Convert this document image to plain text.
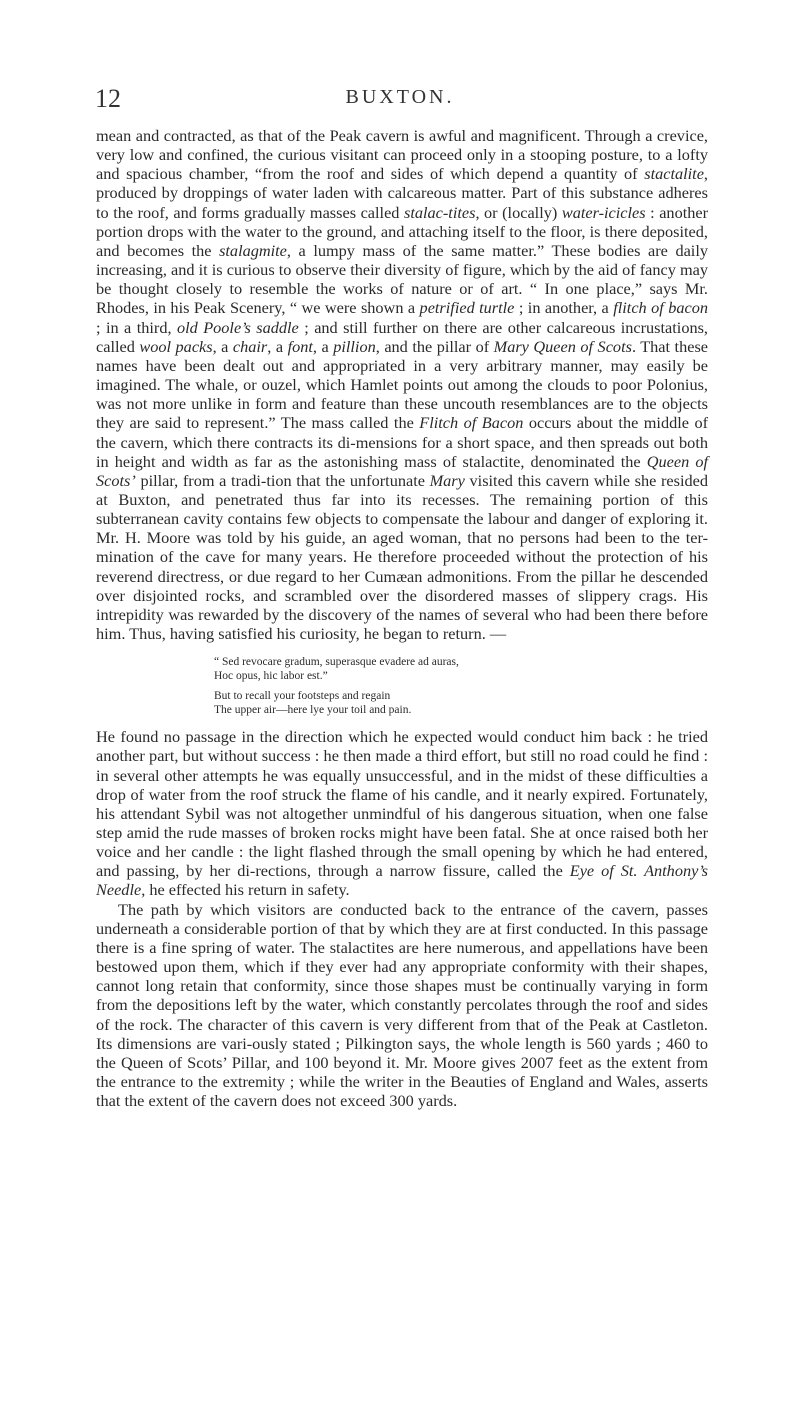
12	BUXTON.

mean and contracted, as that of the Peak cavern is awful and magnificent. Through a crevice, very low and confined, the curious visitant can proceed only in a stooping posture, to a lofty and spacious chamber, “from the roof and sides of which depend a quantity of stactalite, produced by droppings of water laden with calcareous matter. Part of this substance adheres to the roof, and forms gradually masses called stalac-tites, or (locally) water-icicles : another portion drops with the water to the ground, and attaching itself to the floor, is there deposited, and becomes the stalagmite, a lumpy mass of the same matter.” These bodies are daily increasing, and it is curious to observe their diversity of figure, which by the aid of fancy may be thought closely to resemble the works of nature or of art. “ In one place,” says Mr. Rhodes, in his Peak Scenery, “ we were shown a petrified turtle ; in another, a flitch of bacon ; in a third, old Poole’s saddle ; and still further on there are other calcareous incrustations, called wool packs, a chair, a font, a pillion, and the pillar of Mary Queen of Scots. That these names have been dealt out and appropriated in a very arbitrary manner, may easily be imagined. The whale, or ouzel, which Hamlet points out among the clouds to poor Polonius, was not more unlike in form and feature than these uncouth resemblances are to the objects they are said to represent.” The mass called the Flitch of Bacon occurs about the middle of the cavern, which there contracts its di-mensions for a short space, and then spreads out both in height and width as far as the astonishing mass of stalactite, denominated the Queen of Scots’ pillar, from a tradi-tion that the unfortunate Mary visited this cavern while she resided at Buxton, and penetrated thus far into its recesses. The remaining portion of this subterranean cavity contains few objects to compensate the labour and danger of exploring it. Mr. H. Moore was told by his guide, an aged woman, that no persons had been to the ter-mination of the cave for many years. He therefore proceeded without the protection of his reverend directress, or due regard to her Cumæan admonitions. From the pillar he descended over disjointed rocks, and scrambled over the disordered masses of slippery crags. His intrepidity was rewarded by the discovery of the names of several who had been there before him. Thus, having satisfied his curiosity, he began to return. —

“ Sed revocare gradum, superasque evadere ad auras,
Hoc opus, hic labor est.”
But to recall your footsteps and regain
The upper air—here lye your toil and pain.

He found no passage in the direction which he expected would conduct him back : he tried another part, but without success : he then made a third effort, but still no road could he find : in several other attempts he was equally unsuccessful, and in the midst of these difficulties a drop of water from the roof struck the flame of his candle, and it nearly expired. Fortunately, his attendant Sybil was not altogether unmindful of his dangerous situation, when one false step amid the rude masses of broken rocks might have been fatal. She at once raised both her voice and her candle : the light flashed through the small opening by which he had entered, and passing, by her di-rections, through a narrow fissure, called the Eye of St. Anthony’s Needle, he effected his return in safety.

The path by which visitors are conducted back to the entrance of the cavern, passes underneath a considerable portion of that by which they are at first conducted. In this passage there is a fine spring of water. The stalactites are here numerous, and appellations have been bestowed upon them, which if they ever had any appropriate conformity with their shapes, cannot long retain that conformity, since those shapes must be continually varying in form from the depositions left by the water, which constantly percolates through the roof and sides of the rock. The character of this cavern is very different from that of the Peak at Castleton. Its dimensions are vari-ously stated ; Pilkington says, the whole length is 560 yards ; 460 to the Queen of Scots’ Pillar, and 100 beyond it. Mr. Moore gives 2007 feet as the extent from the entrance to the extremity ; while the writer in the Beauties of England and Wales, asserts that the extent of the cavern does not exceed 300 yards.
